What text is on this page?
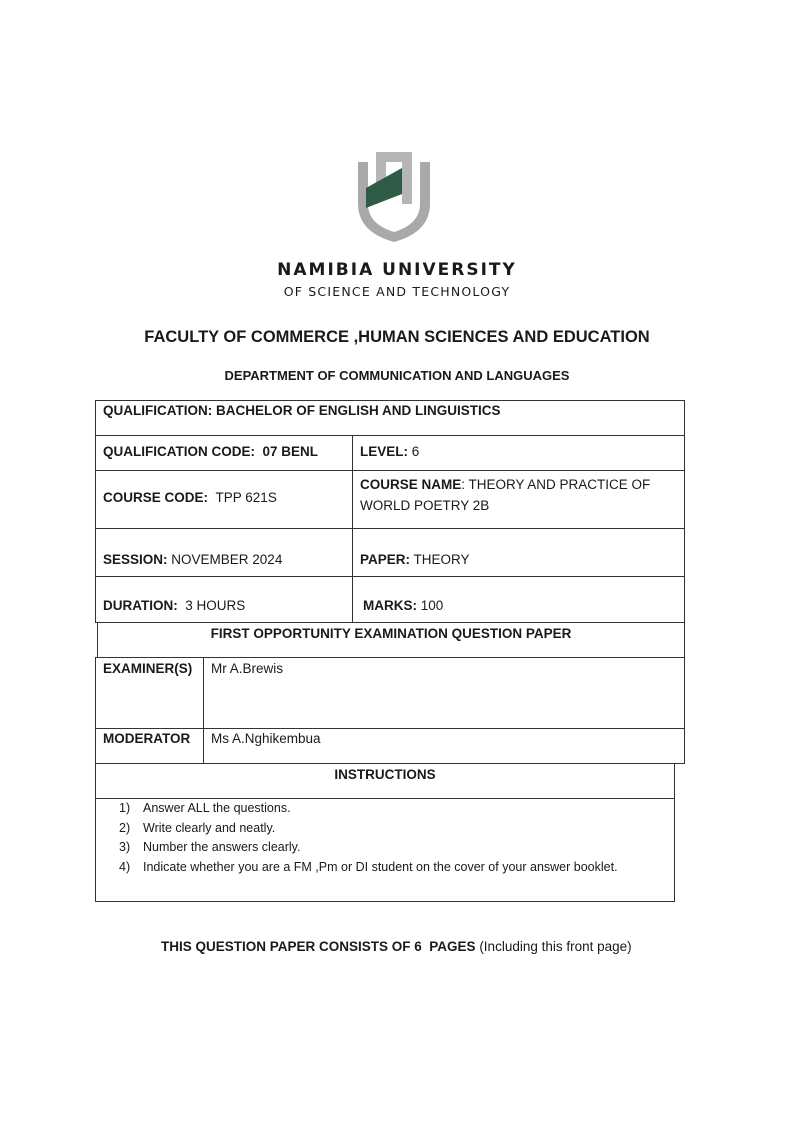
NAMIBIA UNIVERSITY
OF SCIENCE AND TECHNOLOGY
FACULTY OF COMMERCE ,HUMAN SCIENCES AND EDUCATION
DEPARTMENT OF COMMUNICATION AND LANGUAGES
QUALIFICATION: BACHELOR OF ENGLISH AND LINGUISTICS
QUALIFICATION CODE: 07 BENL	LEVEL: 6
COURSE CODE: TPP 621S
COURSE NAME: THEORY AND PRACTICE OF WORLD POETRY 2B
SESSION: NOVEMBER 2024	PAPER: THEORY
DURATION: 3 HOURS	MARKS: 100
FIRST OPPORTUNITY EXAMINATION QUESTION PAPER
EXAMINER(S) Mr A.Brewis
MODERATOR Ms A.Nghikembua
INSTRUCTIONS
1) Answer ALL the questions.
2) Write clearly and neatly.
3) Number the answers clearly.
4) Indicate whether you are a FM ,Pm or DI student on the cover of your answer booklet.
THIS QUESTION PAPER CONSISTS OF 6  PAGES (Including this front page)
